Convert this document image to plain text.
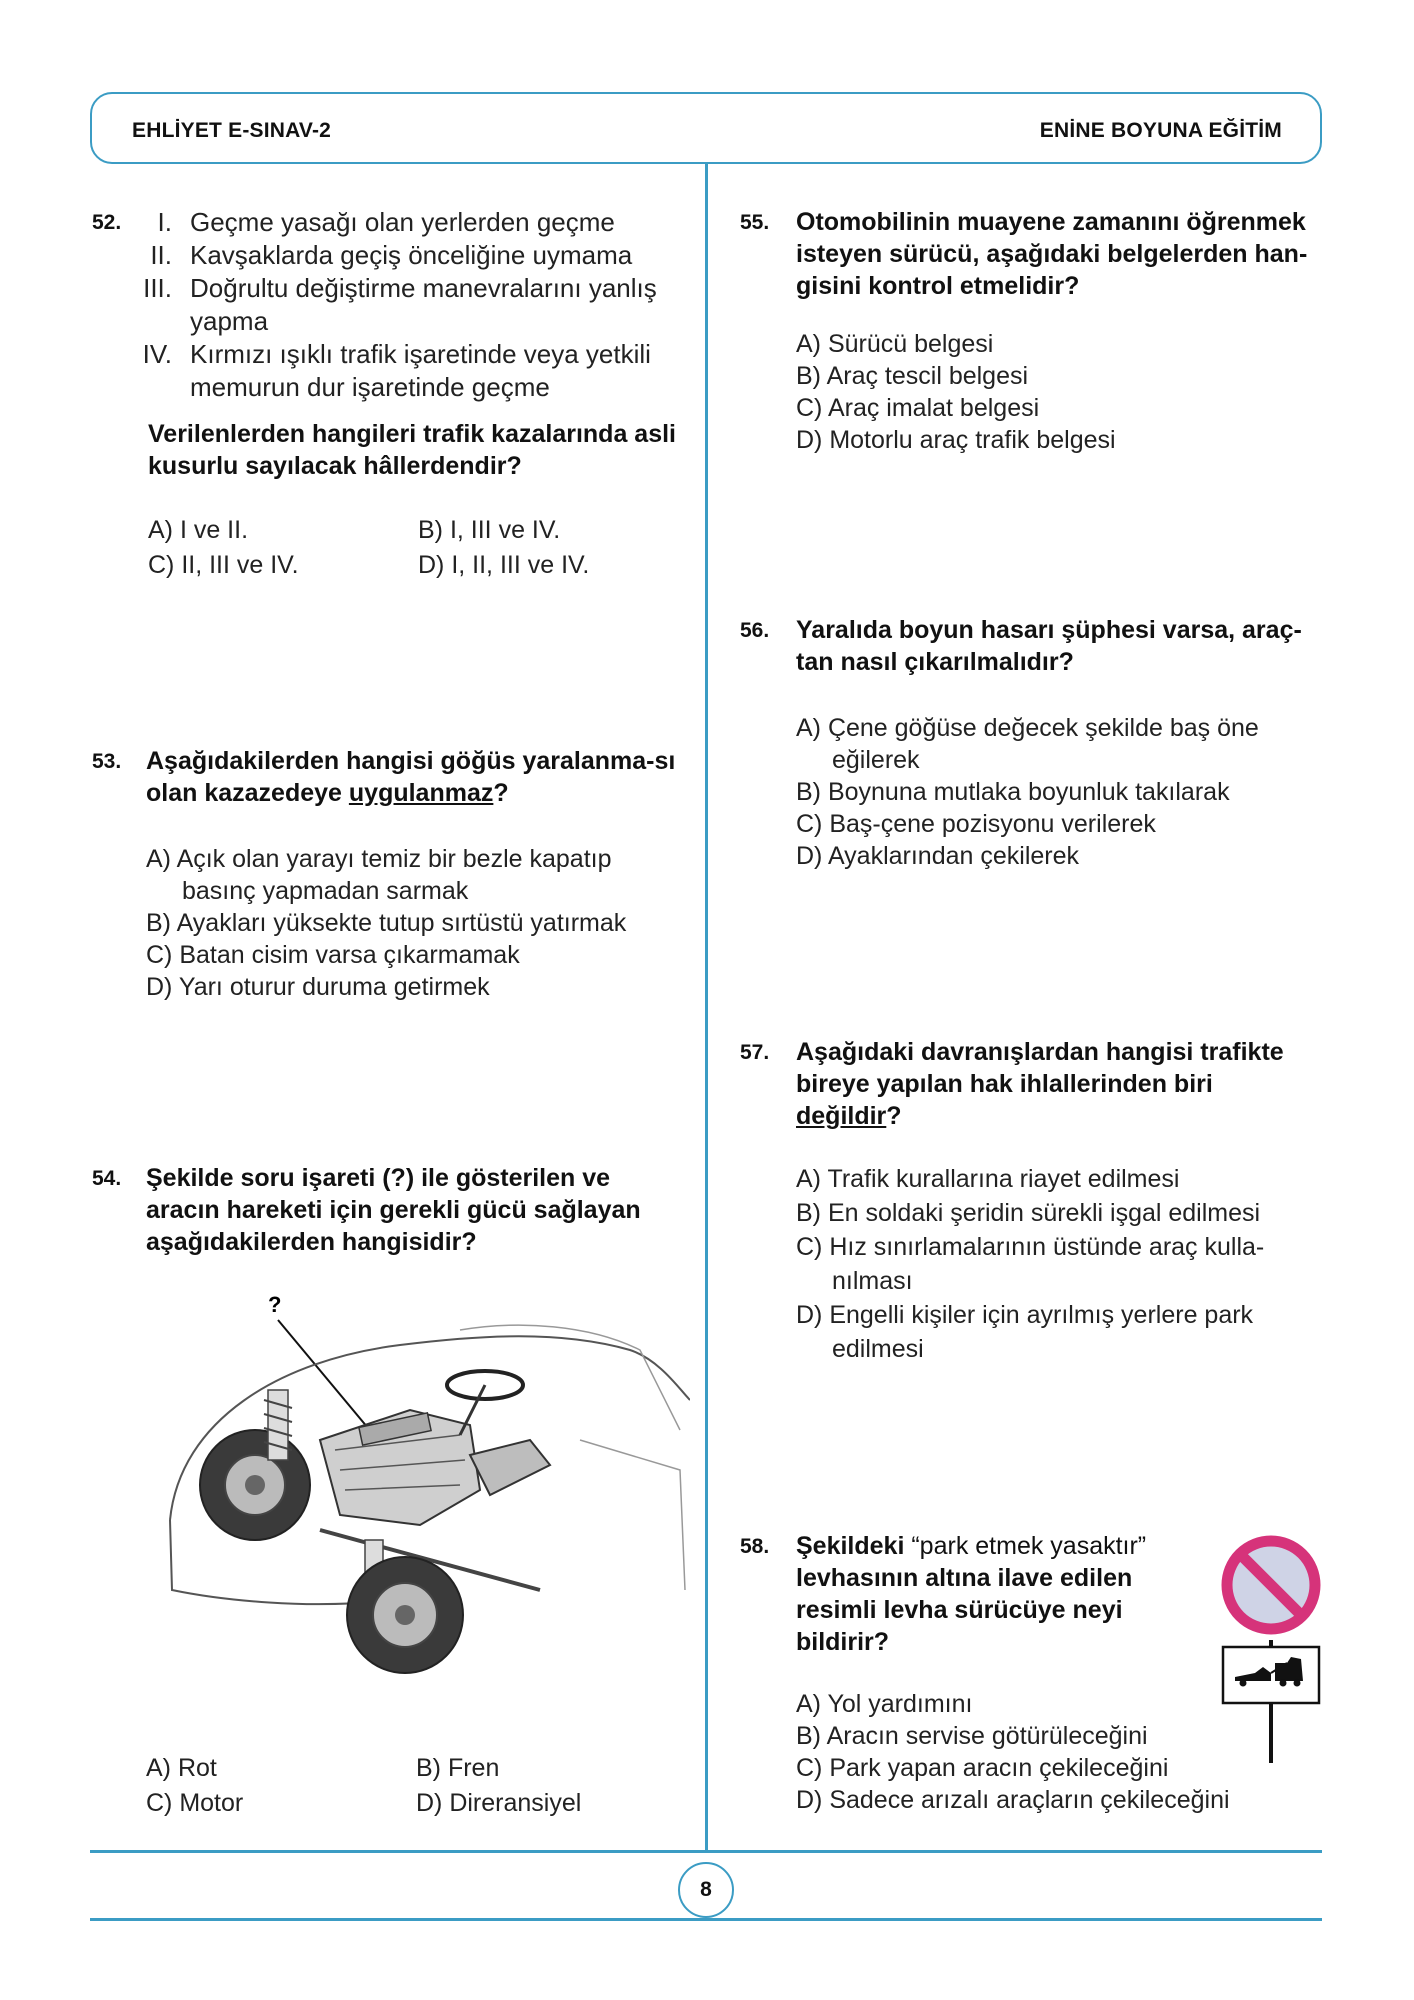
EHLİYET E-SINAV-2	ENİNE BOYUNA EĞİTİM
52.	I. Geçme yasağı olan yerlerden geçme
II. Kavşaklarda geçiş önceliğine uymama
III. Doğrultu değiştirme manevralarını yanlış yapma
IV. Kırmızı ışıklı trafik işaretinde veya yetkili memurun dur işaretinde geçme
Verilenlerden hangileri trafik kazalarında asli kusurlu sayılacak hâllerdendir?
A) I ve II.	B) I, III ve IV.
C) II, III ve IV.	D) I, II, III ve IV.
53. Aşağıdakilerden hangisi göğüs yaralanma-sı olan kazazedeye uygulanmaz?
A) Açık olan yarayı temiz bir bezle kapatıp basınç yapmadan sarmak
B) Ayakları yüksekte tutup sırtüstü yatırmak
C) Batan cisim varsa çıkarmamak
D) Yarı oturur duruma getirmek
54. Şekilde soru işareti (?) ile gösterilen ve aracın hareketi için gerekli gücü sağlayan aşağıdakilerden hangisidir?
?
A) Rot	B) Fren
C) Motor	D) Direransiyel
55. Otomobilinin muayene zamanını öğrenmek isteyen sürücü, aşağıdaki belgelerden han-gisini kontrol etmelidir?
A) Sürücü belgesi
B) Araç tescil belgesi
C) Araç imalat belgesi
D) Motorlu araç trafik belgesi
56. Yaralıda boyun hasarı şüphesi varsa, araç-tan nasıl çıkarılmalıdır?
A) Çene göğüse değecek şekilde baş öne eğilerek
B) Boynuna mutlaka boyunluk takılarak
C) Baş-çene pozisyonu verilerek
D) Ayaklarından çekilerek
57. Aşağıdaki davranışlardan hangisi trafikte bireye yapılan hak ihlallerinden biri değildir?
A) Trafik kurallarına riayet edilmesi
B) En soldaki şeridin sürekli işgal edilmesi
C) Hız sınırlamalarının üstünde araç kulla-nılması
D) Engelli kişiler için ayrılmış yerlere park edilmesi
58. Şekildeki “park etmek yasaktır” levhasının altına ilave edilen resimli levha sürücüye neyi bildirir?
A) Yol yardımını
B) Aracın servise götürüleceğini
C) Park yapan aracın çekileceğini
D) Sadece arızalı araçların çekileceğini
8
